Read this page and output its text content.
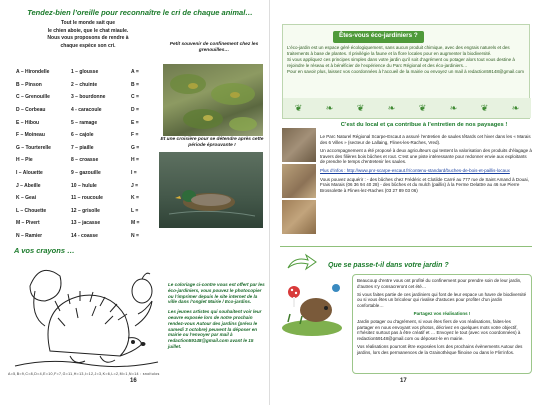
Tendez-bien l’oreille pour reconnaître le cri de chaque animal…
Tout le monde sait que
le chien aboie, que le chat miaule.
Nous vous proposons de rendre à
chaque espèce son cri.
A – Hirondelle	1 – glousse	A =
B – Pinson	2 – chuinte	B =
C – Grenouille	3 – bourdonne	C =
D – Corbeau	4 - caracoule	D =
E – Hibou	5 – ramage	E =
F – Moineau	6 – cajole	F =
G – Tourterelle	7 – piaille	G =
H – Pie	8 – croasse	H =
I – Alouette	9 – gazouille	I =
J – Abeille	10 – hulule	J =
K – Geai	11 – roucoule	K =
L – Chouette	12 – grisolle	L =
M – Pivert	13 – jacasse	M =
N – Ramier	14 - coasse	N =
Petit souvenir de confinement chez les grenouilles…
Et une croisière pour se détendre après cette période éprouvante !
A vos crayons …

Le coloriage ci-contre vous est offert par les éco-jardiniers, vous pouvez le photocopier ou l’imprimer depuis le site internet de la ville dans l’onglet Mairie / Eco-jardins.

Les jeunes artistes qui souhaitent voir leur oeuvre exposée lors de notre prochain rendez-vous Autour des jardins (prévu le samedi 3 octobre) peuvent la déposer en mairie ou l’envoyer par mail à redaction59148@gmail.com avant le 15 juillet.

A=5,B=9,C=8,D=4,E=10,F=7,G=11,H=13,I=12,J=3,K=6,L=2,M=1,N=14 : snoitulos
16
Êtes-vous éco-jardiniers ?

L’éco-jardin est un espace géré écologiquement, sans aucun produit chimique, avec des engrais naturels et des traitements à base de plantes. Il privilégie la faune et la flore locales pour en augmenter la biodiversité.

Si vous appliquez ces principes simples dans votre jardin qu’il soit d’agrément ou potager alors tout vous destine à rejoindre le réseau et à bénéficier de l’expérience du Parc Régional et des éco-jardiniers…

Pour en savoir plus, laissez vos coordonnées à l’accueil de la mairie ou envoyez un mail à redaction59148@gmail.com

❦	❧	❦	❧	❦	❧	❦	❧
C’est du local et ça contribue à l’entretien de nos paysages !

Le Parc Naturel Régional Scarpe-Escaut a assuré l’entretien de saules têtards cet hiver dans les « Marais des 6 Villes » (secteur de Lallaing, Flines-les-Raches, Vred).

Un accompagnement a été proposé à deux agriculteurs qui testent la valorisation des produits d’élagage à travers des filières bois bûches et rout. C’est une piste intéressante pour redonner envie aux exploitants de prendre le temps d’entretenir les saules.

Plus d’infos : http://www.pnr-scarpe-escaut.fr/contenu-standard/buches-de-bois-et-paillis-locaux

Vous pouvez acquérir : - des bûches chez Frédéric et Clotilde Carré au 777 rue de Saint Amand à Douai, Frais Marais (06 36 94 40 28) - des bûches et du mulch (paillis) à la Ferme Delattre au 46 rue Pierre Brossolette à Flines-lez-Raches (03 27 89 03 06)

Que se passe-t-il dans votre jardin ?

Beaucoup d’entre vous ont profité du confinement pour prendre soin de leur jardin, d’autres s’y consacreront cet été…

Si vous faites partie de ces jardiniers qui font de leur espace un havre de biodiversité ou si vous êtes un bricoleur qui rivalise d’astuces pour profiter d’un jardin confortable…

Partagez vos réalisations !

Jardin potager ou d’agrément, si vous êtes fiers de vos réalisations, faites-les partager en nous envoyant vos photos, décrivez en quelques mots votre objectif, n’hésitez surtout pas à être créatif et … Envoyez le tout (avec vos coordonnées) à redaction59148@gmail.com ou déposez-le en mairie.

Vos réalisations pourront être exposées lors des prochains évènements Autour des jardins, lors des permanences de la Grainothèque flinoise ou dans le Flin’infos.

17
